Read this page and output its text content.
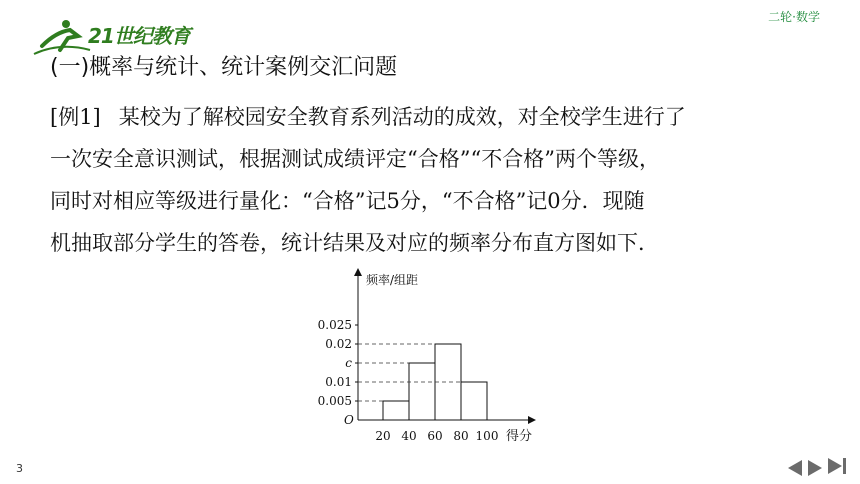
21世纪教育
二轮·数学
(一)概率与统计、统计案例交汇问题
[例1] 某校为了解校园安全教育系列活动的成效，对全校学生进行了
一次安全意识测试，根据测试成绩评定“合格”“不合格”两个等级，
同时对相应等级进行量化：“合格”记5分，“不合格”记0分．现随
机抽取部分学生的答卷，统计结果及对应的频率分布直方图如下．
频率/组距
得分
O
0.005
0.01
c
0.02
0.025
20 40 60 80 100
3
